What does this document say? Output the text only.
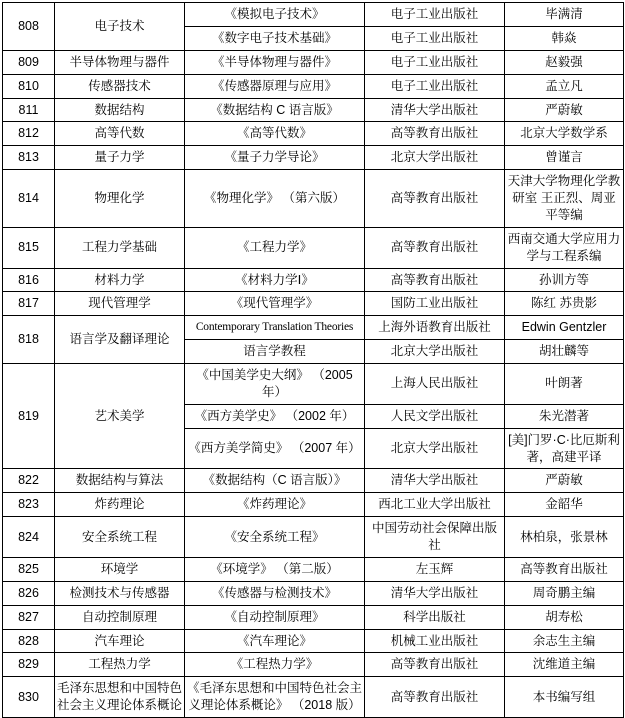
808	电子技术	《模拟电子技术》	电子工业出版社	毕满清
		《数字电子技术基础》	电子工业出版社	韩焱
809	半导体物理与器件	《半导体物理与器件》	电子工业出版社	赵毅强
810	传感器技术	《传感器原理与应用》	电子工业出版社	孟立凡
811	数据结构	《数据结构 C 语言版》	清华大学出版社	严蔚敏
812	高等代数	《高等代数》	高等教育出版社	北京大学数学系
813	量子力学	《量子力学导论》	北京大学出版社	曾谨言
814	物理化学	《物理化学》 （第六版）	高等教育出版社	天津大学物理化学教研室 王正烈、周亚平等编
815	工程力学基础	《工程力学》	高等教育出版社	西南交通大学应用力学与工程系编
816	材料力学	《材料力学Ⅰ》	高等教育出版社	孙训方等
817	现代管理学	《现代管理学》	国防工业出版社	陈红 苏贵影
818	语言学及翻译理论	Contemporary Translation Theories	上海外语教育出版社	Edwin Gentzler
		语言学教程	北京大学出版社	胡壮麟等
819	艺术美学	《中国美学史大纲》 （2005 年）	上海人民出版社	叶朗著
		《西方美学史》 （2002 年）	人民文学出版社	朱光潜著
		《西方美学简史》 （2007 年）	北京大学出版社	[美]门罗·C·比厄斯利著，高建平译
822	数据结构与算法	《数据结构（C 语言版）》	清华大学出版社	严蔚敏
823	炸药理论	《炸药理论》	西北工业大学出版社	金韶华
824	安全系统工程	《安全系统工程》	中国劳动社会保障出版社	林柏泉，张景林
825	环境学	《环境学》 （第二版）	左玉辉	高等教育出版社
826	检测技术与传感器	《传感器与检测技术》	清华大学出版社	周奇鹏主编
827	自动控制原理	《自动控制原理》	科学出版社	胡寿松
828	汽车理论	《汽车理论》	机械工业出版社	余志生主编
829	工程热力学	《工程热力学》	高等教育出版社	沈维道主编
830	毛泽东思想和中国特色社会主义理论体系概论	《毛泽东思想和中国特色社会主义理论体系概论》 （2018 版）	高等教育出版社	本书编写组
